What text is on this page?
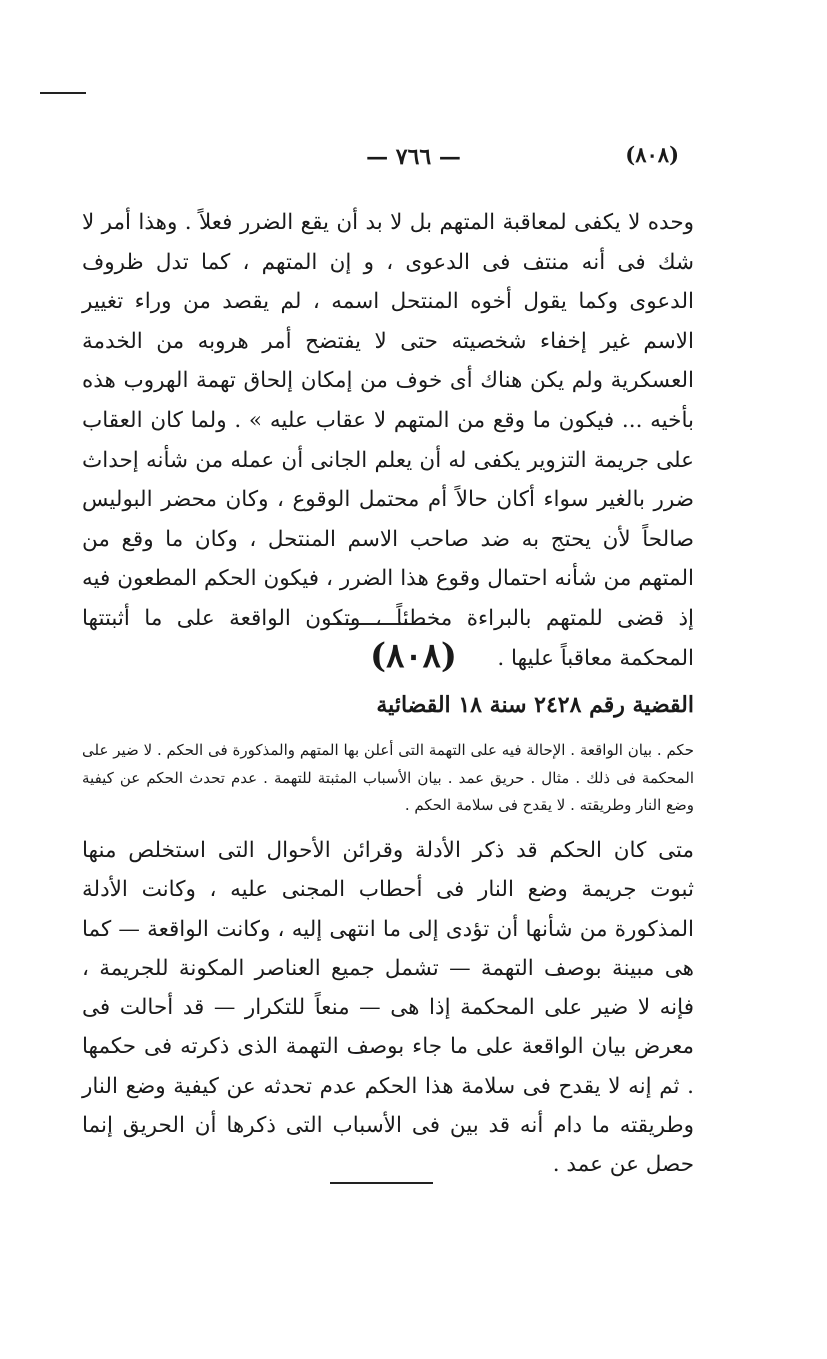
(٨٠٨)
— ٧٦٦ —
وحده لا يكفى لمعاقبة المتهم بل لا بد أن يقع الضرر فعلاً . وهذا أمر لا شك فى أنه منتف فى الدعوى ، و إن المتهم ، كما تدل ظروف الدعوى وكما يقول أخوه المنتحل اسمه ، لم يقصد من وراء تغيير الاسم غير إخفاء شخصيته حتى لا يفتضح أمر هروبه من الخدمة العسكرية ولم يكن هناك أى خوف من إمكان إلحاق تهمة الهروب هذه بأخيه ... فيكون ما وقع من المتهم لا عقاب عليه » . ولما كان العقاب على جريمة التزوير يكفى له أن يعلم الجانى أن عمله من شأنه إحداث ضرر بالغير سواء أكان حالاً أم محتمل الوقوع ، وكان محضر البوليس صالحاً لأن يحتج به ضد صاحب الاسم المنتحل ، وكان ما وقع من المتهم من شأنه احتمال وقوع هذا الضرر ، فيكون الحكم المطعون فيه إذ قضى للمتهم بالبراءة مخطئاً ، وتكون الواقعة على ما أثبتتها المحكمة معاقباً عليها .
(٨٠٨)
القضية رقم ٢٤٢٨ سنة ١٨ القضائية
حكم . بيان الواقعة . الإحالة فيه على التهمة التى أعلن بها المتهم والمذكورة فى الحكم . لا ضير على المحكمة فى ذلك . مثال . حريق عمد . بيان الأسباب المثبتة للتهمة . عدم تحدث الحكم عن كيفية وضع النار وطريقته . لا يقدح فى سلامة الحكم .
متى كان الحكم قد ذكر الأدلة وقرائن الأحوال التى استخلص منها ثبوت جريمة وضع النار فى أحطاب المجنى عليه ، وكانت الأدلة المذكورة من شأنها أن تؤدى إلى ما انتهى إليه ، وكانت الواقعة — كما هى مبينة بوصف التهمة — تشمل جميع العناصر المكونة للجريمة ، فإنه لا ضير على المحكمة إذا هى — منعاً للتكرار — قد أحالت فى معرض بيان الواقعة على ما جاء بوصف التهمة الذى ذكرته فى حكمها . ثم إنه لا يقدح فى سلامة هذا الحكم عدم تحدثه عن كيفية وضع النار وطريقته ما دام أنه قد بين فى الأسباب التى ذكرها أن الحريق إنما حصل عن عمد .
